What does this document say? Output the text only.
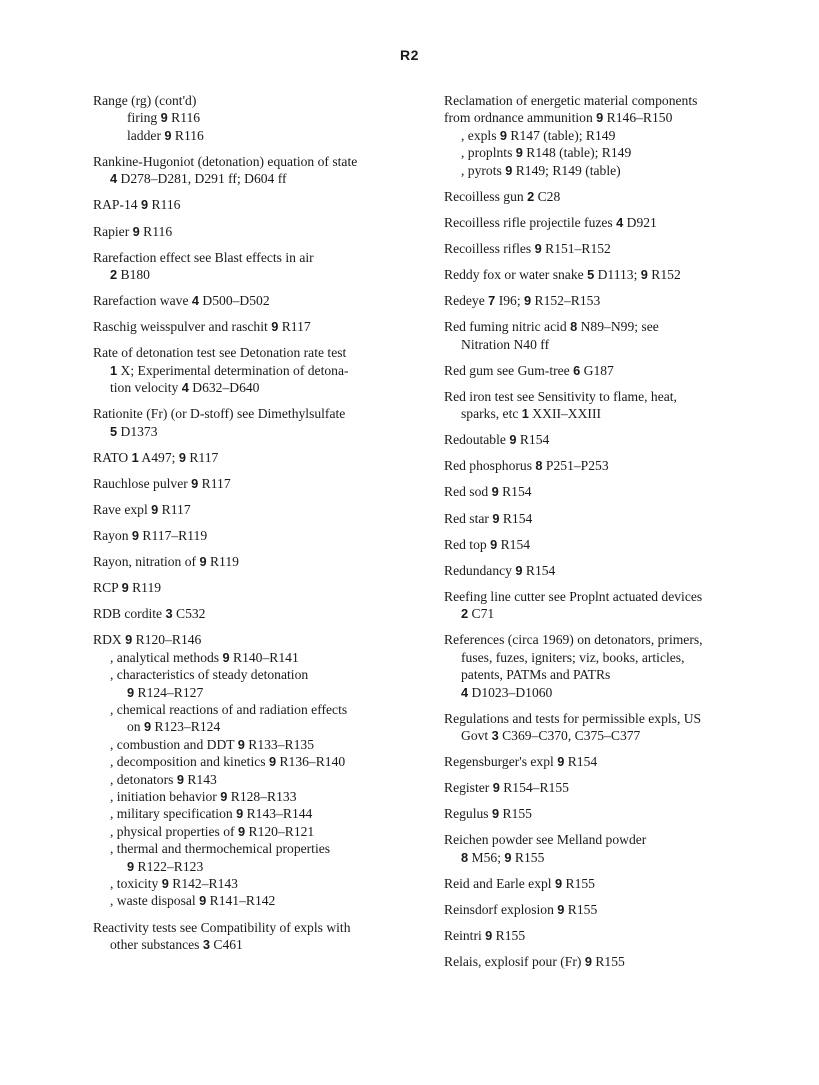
R2
Range (rg) (cont'd)
firing 9 R116
ladder 9 R116
Rankine-Hugoniot (detonation) equation of state
4 D278–D281, D291 ff; D604 ff
RAP-14 9 R116
Rapier 9 R116
Rarefaction effect see Blast effects in air
2 B180
Rarefaction wave 4 D500–D502
Raschig weisspulver and raschit 9 R117
Rate of detonation test see Detonation rate test
1 X; Experimental determination of detona-
tion velocity 4 D632–D640
Rationite (Fr) (or D-stoff) see Dimethylsulfate
5 D1373
RATO 1 A497; 9 R117
Rauchlose pulver 9 R117
Rave expl 9 R117
Rayon 9 R117–R119
Rayon, nitration of 9 R119
RCP 9 R119
RDB cordite 3 C532
RDX 9 R120–R146
, analytical methods 9 R140–R141
, characteristics of steady detonation
9 R124–R127
, chemical reactions of and radiation effects
on 9 R123–R124
, combustion and DDT 9 R133–R135
, decomposition and kinetics 9 R136–R140
, detonators 9 R143
, initiation behavior 9 R128–R133
, military specification 9 R143–R144
, physical properties of 9 R120–R121
, thermal and thermochemical properties
9 R122–R123
, toxicity 9 R142–R143
, waste disposal 9 R141–R142
Reactivity tests see Compatibility of expls with
other substances 3 C461
Reclamation of energetic material components
from ordnance ammunition 9 R146–R150
, expls 9 R147 (table); R149
, proplnts 9 R148 (table); R149
, pyrots 9 R149; R149 (table)
Recoilless gun 2 C28
Recoilless rifle projectile fuzes 4 D921
Recoilless rifles 9 R151–R152
Reddy fox or water snake 5 D1113; 9 R152
Redeye 7 I96; 9 R152–R153
Red fuming nitric acid 8 N89–N99; see
Nitration N40 ff
Red gum see Gum-tree 6 G187
Red iron test see Sensitivity to flame, heat,
sparks, etc 1 XXII–XXIII
Redoutable 9 R154
Red phosphorus 8 P251–P253
Red sod 9 R154
Red star 9 R154
Red top 9 R154
Redundancy 9 R154
Reefing line cutter see Proplnt actuated devices
2 C71
References (circa 1969) on detonators, primers,
fuses, fuzes, igniters; viz, books, articles,
patents, PATMs and PATRs
4 D1023–D1060
Regulations and tests for permissible expls, US
Govt 3 C369–C370, C375–C377
Regensburger's expl 9 R154
Register 9 R154–R155
Regulus 9 R155
Reichen powder see Melland powder
8 M56; 9 R155
Reid and Earle expl 9 R155
Reinsdorf explosion 9 R155
Reintri 9 R155
Relais, explosif pour (Fr) 9 R155
